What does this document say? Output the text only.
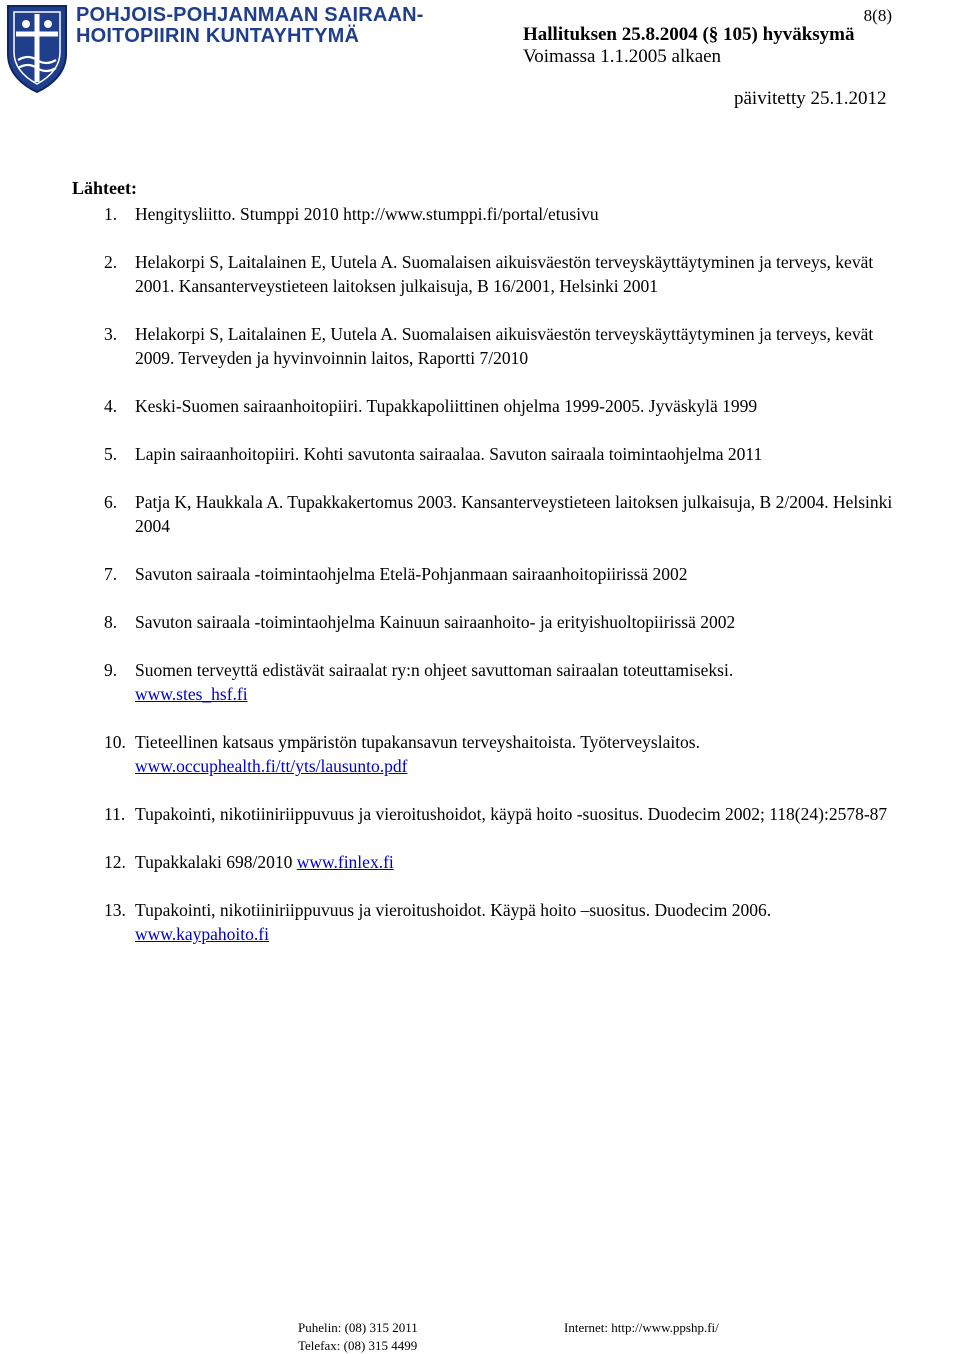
POHJOIS-POHJANMAAN SAIRAAN-
HOITOPIIRIN KUNTAYHTYMÄ
8(8)
Hallituksen 25.8.2004 (§ 105) hyväksymä
Voimassa 1.1.2005 alkaen
päivitetty 25.1.2012
Lähteet:
1. Hengitysliitto. Stumppi 2010 http://www.stumppi.fi/portal/etusivu
2. Helakorpi S, Laitalainen E, Uutela A. Suomalaisen aikuisväestön terveyskäyttäytyminen ja terveys, kevät 2001. Kansanterveystieteen laitoksen julkaisuja, B 16/2001, Helsinki 2001
3. Helakorpi S, Laitalainen E, Uutela A. Suomalaisen aikuisväestön terveyskäyttäytyminen ja terveys, kevät 2009. Terveyden ja hyvinvoinnin laitos, Raportti 7/2010
4. Keski-Suomen sairaanhoitopiiri. Tupakkapoliittinen ohjelma 1999-2005. Jyväskylä 1999
5. Lapin sairaanhoitopiiri. Kohti savutonta sairaalaa. Savuton sairaala toimintaohjelma 2011
6. Patja K, Haukkala A. Tupakkakertomus 2003. Kansanterveystieteen laitoksen julkaisuja, B 2/2004. Helsinki 2004
7. Savuton sairaala -toimintaohjelma Etelä-Pohjanmaan sairaanhoitopiirissä 2002
8. Savuton sairaala -toimintaohjelma Kainuun sairaanhoito- ja erityishuoltopiirissä 2002
9. Suomen terveyttä edistävät sairaalat ry:n ohjeet savuttoman sairaalan toteuttamiseksi.
www.stes_hsf.fi
10. Tieteellinen katsaus ympäristön tupakansavun terveyshaitoista. Työterveyslaitos.
www.occuphealth.fi/tt/yts/lausunto.pdf
11. Tupakointi, nikotiiniriippuvuus ja vieroitushoidot, käypä hoito -suositus. Duodecim 2002; 118(24):2578-87
12. Tupakkalaki 698/2010 www.finlex.fi
13. Tupakointi, nikotiiniriippuvuus ja vieroitushoidot. Käypä hoito –suositus. Duodecim 2006.
www.kaypahoito.fi
Puhelin: (08) 315 2011
Telefax: (08) 315 4499
Internet: http://www.ppshp.fi/
